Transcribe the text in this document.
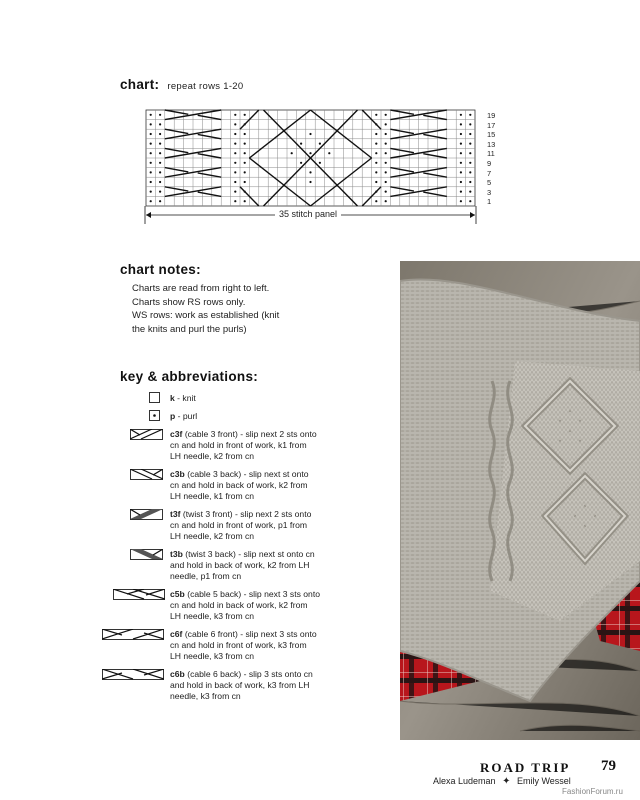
chart: repeat rows 1-20
35 stitch panel
19
17
15
13
11
9
7
5
3
1
chart notes:
Charts are read from right to left.
Charts show RS rows only.
WS rows: work as established (knit
the knits and purl the purls)
key & abbreviations:
k - knit
p - purl
c3f (cable 3 front) - slip next 2 sts onto
cn and hold in front of work, k1 from
LH needle, k2 from cn
c3b (cable 3 back) - slip next st onto
cn and hold in back of work, k2 from
LH needle, k1 from cn
t3f (twist 3 front) - slip next 2 sts onto
cn and hold in front of work, p1 from
LH needle, k2 from cn
t3b (twist 3 back) - slip next st onto cn
and hold in back of work, k2 from LH
needle, p1 from cn
c5b (cable 5 back) - slip next 3 sts onto
cn and hold in back of work, k2 from
LH needle, k3 from cn
c6f (cable 6 front) - slip next 3 sts onto
cn and hold in front of work, k3 from
LH needle, k3 from cn
c6b (cable 6 back) - slip 3 sts onto cn
and hold in back of work, k3 from LH
needle, k3 from cn
ROAD TRIP 79
Alexa Ludeman ✦ Emily Wessel
FashionForum.ru
